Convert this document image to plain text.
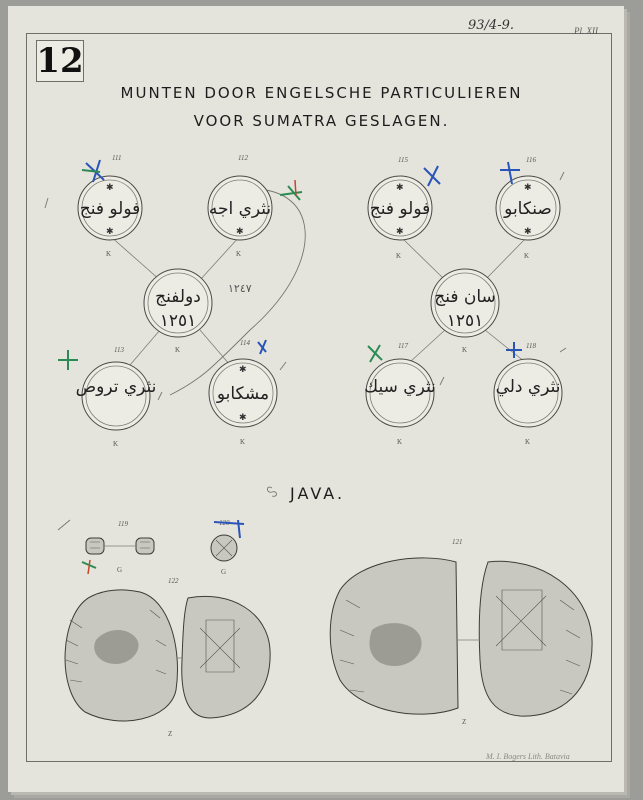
12
Pl. XII
93/4-9.
MUNTEN DOOR ENGELSCHE PARTICULIEREN
VOOR SUMATRA GESLAGEN.
JAVA.
M. I. Bogers Lith. Batavia
١٢٤٧
111
✱
✱
فولو فنج
K
112
✱
نثري اجه
K
دولفنج
١٢٥١
K
113
نثري تروص
K
114
✱
✱
مشكابو
K
115
✱
✱
فولو فنج
K
116
✱
✱
صنكابو
K
سان فنج
١٢٥١
K
117
نثري سيك
K
118
نثري دلي
K
119
G	G
122
Z
121
Z
